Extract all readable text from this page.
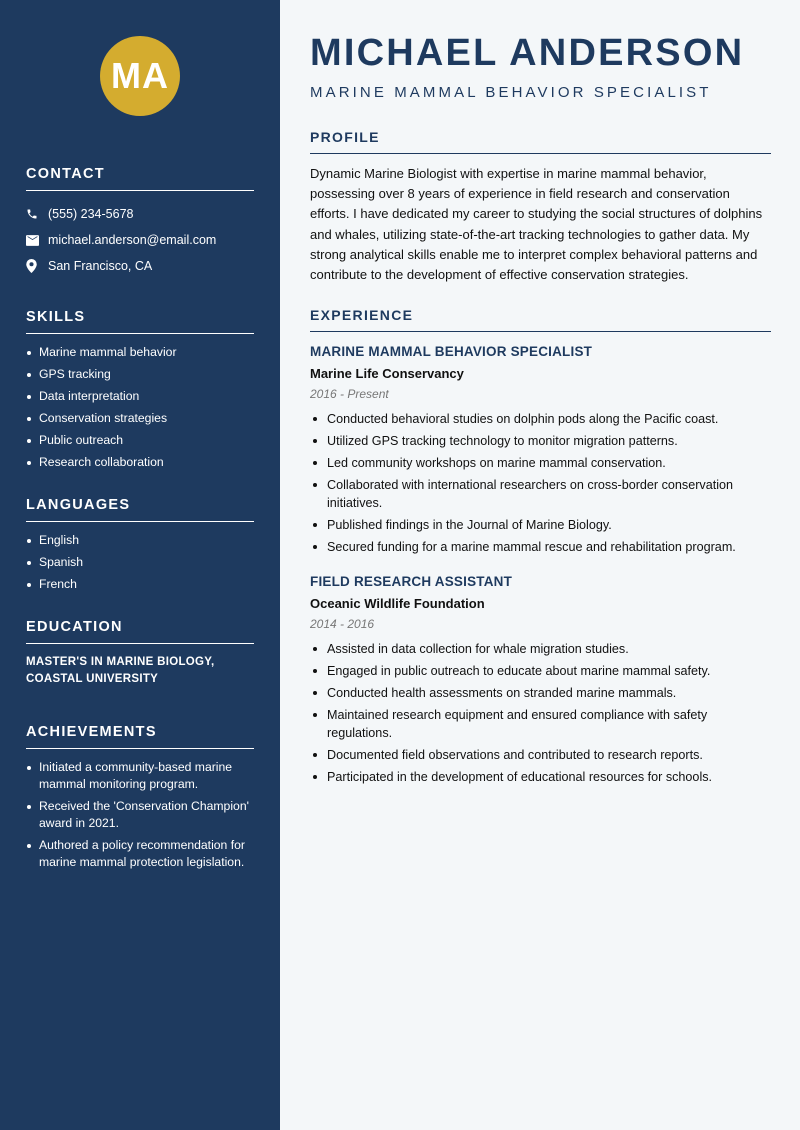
MA
CONTACT
(555) 234-5678
michael.anderson@email.com
San Francisco, CA
SKILLS
Marine mammal behavior
GPS tracking
Data interpretation
Conservation strategies
Public outreach
Research collaboration
LANGUAGES
English
Spanish
French
EDUCATION
MASTER'S IN MARINE BIOLOGY,
COASTAL UNIVERSITY
ACHIEVEMENTS
Initiated a community-based marine mammal monitoring program.
Received the 'Conservation Champion' award in 2021.
Authored a policy recommendation for marine mammal protection legislation.
MICHAEL ANDERSON
MARINE MAMMAL BEHAVIOR SPECIALIST
PROFILE

Dynamic Marine Biologist with expertise in marine mammal behavior, possessing over 8 years of experience in field research and conservation efforts. I have dedicated my career to studying the social structures of dolphins and whales, utilizing state-of-the-art tracking technologies to gather data. My strong analytical skills enable me to interpret complex behavioral patterns and contribute to the development of effective conservation strategies.

EXPERIENCE
MARINE MAMMAL BEHAVIOR SPECIALIST
Marine Life Conservancy
2016 - Present
Conducted behavioral studies on dolphin pods along the Pacific coast.
Utilized GPS tracking technology to monitor migration patterns.
Led community workshops on marine mammal conservation.
Collaborated with international researchers on cross-border conservation initiatives.
Published findings in the Journal of Marine Biology.
Secured funding for a marine mammal rescue and rehabilitation program.
FIELD RESEARCH ASSISTANT
Oceanic Wildlife Foundation
2014 - 2016
Assisted in data collection for whale migration studies.
Engaged in public outreach to educate about marine mammal safety.
Conducted health assessments on stranded marine mammals.
Maintained research equipment and ensured compliance with safety regulations.
Documented field observations and contributed to research reports.
Participated in the development of educational resources for schools.
